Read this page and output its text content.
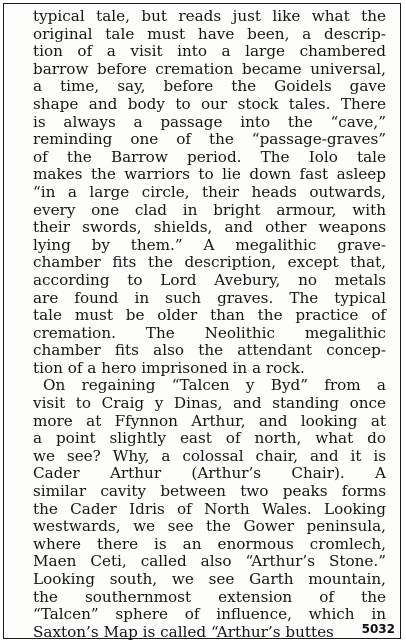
typical tale, but reads just like what the
original tale must have been, a descrip-
tion of a visit into a large chambered
barrow before cremation became universal,
a time, say, before the Goidels gave
shape and body to our stock tales. There
is always a passage into the “cave,”
reminding one of the “passage-graves”
of the Barrow period. The Iolo tale
makes the warriors to lie down fast asleep
“in a large circle, their heads outwards,
every one clad in bright armour, with
their swords, shields, and other weapons
lying by them.” A megalithic grave-
chamber fits the description, except that,
according to Lord Avebury, no metals
are found in such graves. The typical
tale must be older than the practice of
cremation. The Neolithic megalithic
chamber fits also the attendant concep-
tion of a hero imprisoned in a rock.
On regaining “Talcen y Byd” from a
visit to Craig y Dinas, and standing once
more at Ffynnon Arthur, and looking at
a point slightly east of north, what do
we see? Why, a colossal chair, and it is
Cader Arthur (Arthur’s Chair). A
similar cavity between two peaks forms
the Cader Idris of North Wales. Looking
westwards, we see the Gower peninsula,
where there is an enormous cromlech,
Maen Ceti, called also “Arthur’s Stone.”
Looking south, we see Garth mountain,
the southernmost extension of the
“Talcen” sphere of influence, which in
Saxton’s Map is called “Arthur’s buttes	5032
